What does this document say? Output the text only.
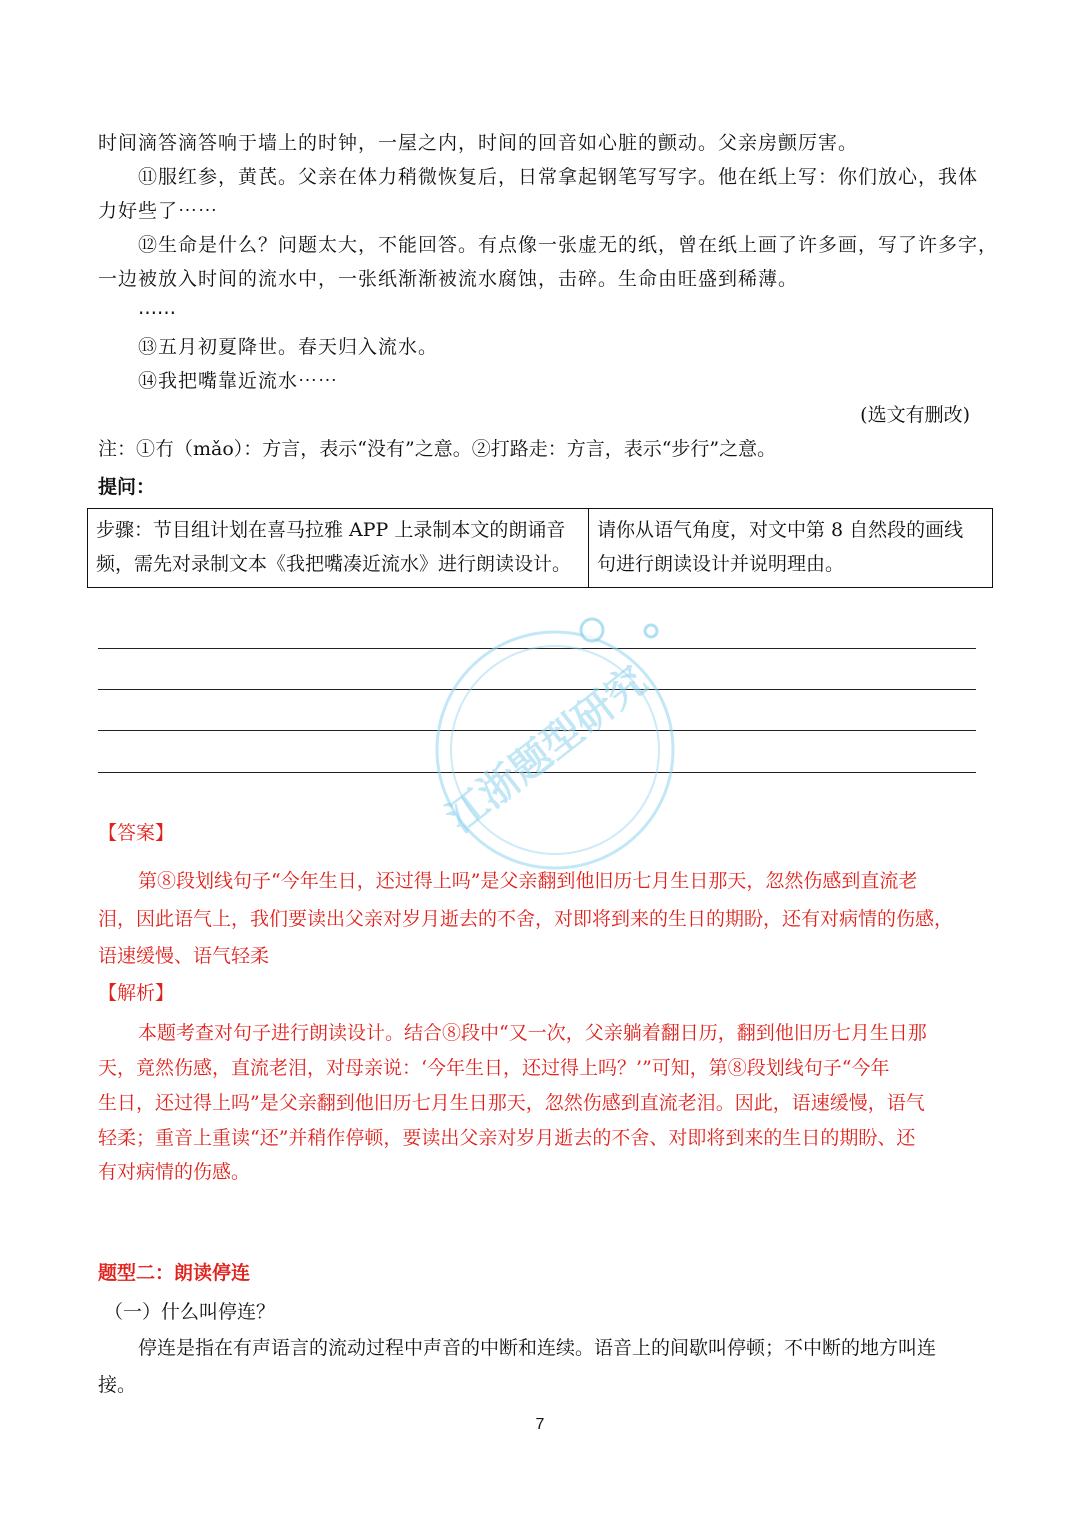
时间滴答滴答响于墙上的时钟，一屋之内，时间的回音如心脏的颤动。父亲房颤厉害。
⑪服红参，黄芪。父亲在体力稍微恢复后，日常拿起钢笔写写字。他在纸上写：你们放心，我体
力好些了⋯⋯
⑫生命是什么？问题太大，不能回答。有点像一张虚无的纸，曾在纸上画了许多画，写了许多字，
一边被放入时间的流水中，一张纸渐渐被流水腐蚀，击碎。生命由旺盛到稀薄。
⋯⋯
⑬五月初夏降世。春天归入流水。
⑭我把嘴靠近流水⋯⋯
(选文有删改)
注：①冇（mǎo）：方言，表示“没有”之意。②打路走：方言，表示“步行”之意。
提问：
步骤：节目组计划在喜马拉雅 APP 上录制本文的朗诵音
频，需先对录制文本《我把嘴凑近流水》进行朗读设计。

请你从语气角度，对文中第 8 自然段的画线
句进行朗读设计并说明理由。
江浙题型研究
【答案】
第⑧段划线句子“今年生日，还过得上吗”是父亲翻到他旧历七月生日那天，忽然伤感到直流老
泪，因此语气上，我们要读出父亲对岁月逝去的不舍，对即将到来的生日的期盼，还有对病情的伤感，
语速缓慢、语气轻柔
【解析】
本题考查对句子进行朗读设计。结合⑧段中“又一次，父亲躺着翻日历，翻到他旧历七月生日那
天，竟然伤感，直流老泪，对母亲说：‘今年生日，还过得上吗？’”可知，第⑧段划线句子“今年
生日，还过得上吗”是父亲翻到他旧历七月生日那天，忽然伤感到直流老泪。因此，语速缓慢，语气
轻柔；重音上重读“还”并稍作停顿，要读出父亲对岁月逝去的不舍、对即将到来的生日的期盼、还
有对病情的伤感。
题型二：朗读停连
（一）什么叫停连？
停连是指在有声语言的流动过程中声音的中断和连续。语音上的间歇叫停顿；不中断的地方叫连
接。
7
